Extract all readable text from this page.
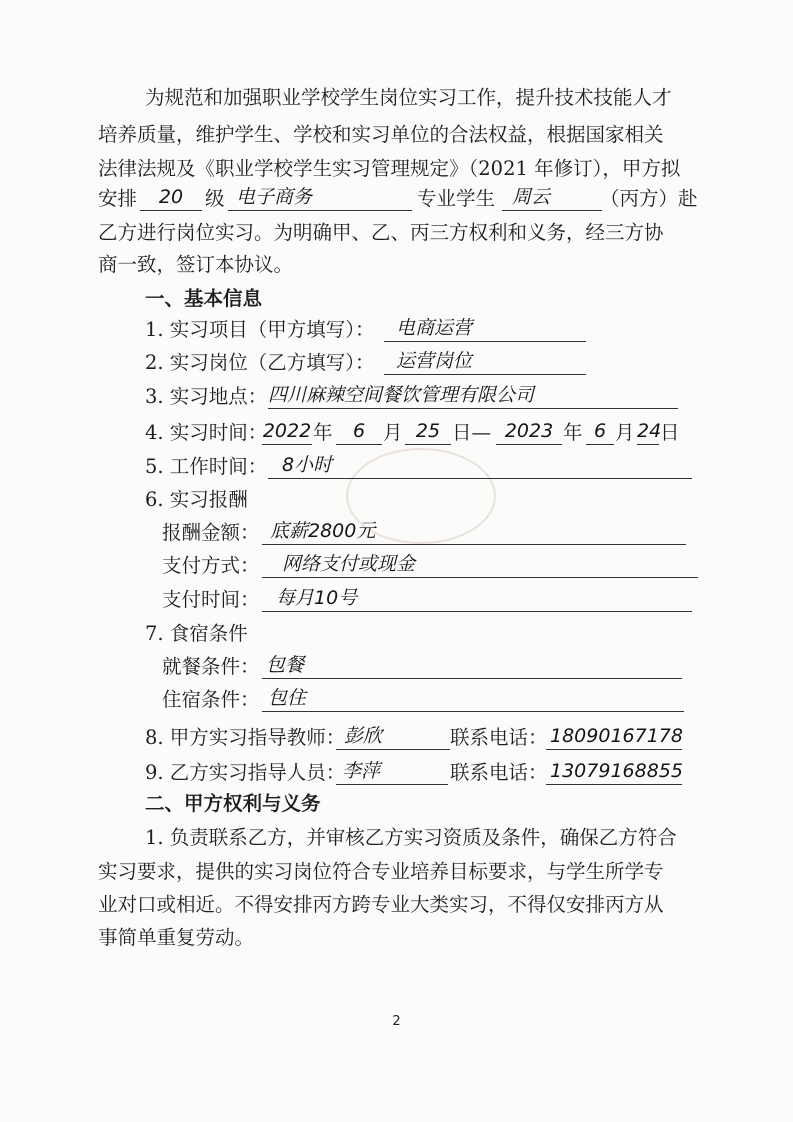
为规范和加强职业学校学生岗位实习工作，提升技术技能人才
培养质量，维护学生、学校和实习单位的合法权益，根据国家相关
法律法规及《职业学校学生实习管理规定》（2021 年修订），甲方拟
安排	20	级 电子商务	专业学生 周云	（丙方）赴
乙方进行岗位实习。为明确甲、乙、丙三方权利和义务，经三方协
商一致，签订本协议。
一、基本信息
1. 实习项目（甲方填写）：	电商运营
2. 实习岗位（乙方填写）：	运营岗位
3. 实习地点： 四川麻辣空间餐饮管理有限公司
4. 实习时间：
2022 年	6 月 25 日— 2023 年 6 月 24
日
5. 工作时间： 8小时
6. 实习报酬
报酬金额： 底薪2800元
支付方式：	网络支付或现金
支付时间： 每月10号
7. 食宿条件
就餐条件： 包餐
住宿条件： 包住
8. 甲方实习指导教师：
彭欣	联系电话： 18090167178
9. 乙方实习指导人员：
李萍	联系电话： 13079168855
二、甲方权利与义务
1. 负责联系乙方，并审核乙方实习资质及条件，确保乙方符合
实习要求，提供的实习岗位符合专业培养目标要求，与学生所学专
业对口或相近。不得安排丙方跨专业大类实习，不得仅安排丙方从
事简单重复劳动。
2
